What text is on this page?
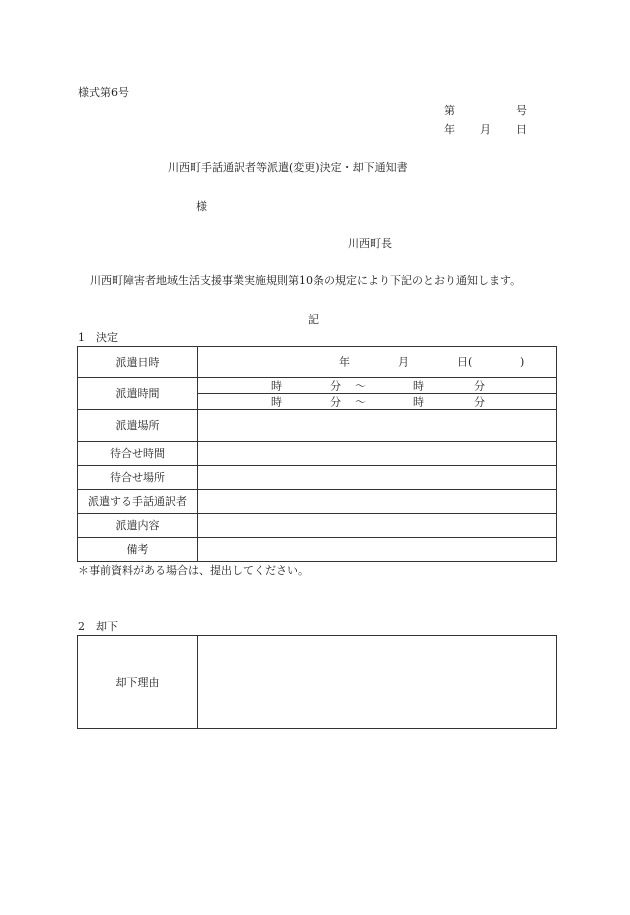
様式第6号
第	号
年 月 日
川西町手話通訳者等派遣(変更)決定・却下通知書
様
川西町長
川西町障害者地域生活支援事業実施規則第10条の規定により下記のとおり通知します。
記
1　決定
派遣日時	年 月 日( )

派遣時間	時 分 ～ 時 分

	時 分 ～ 時 分

派遣場所	
待合せ時間	
待合せ場所	
派遣する手話通訳者	
派遣内容	
備考	
＊事前資料がある場合は、提出してください。
2　却下
却下理由	
